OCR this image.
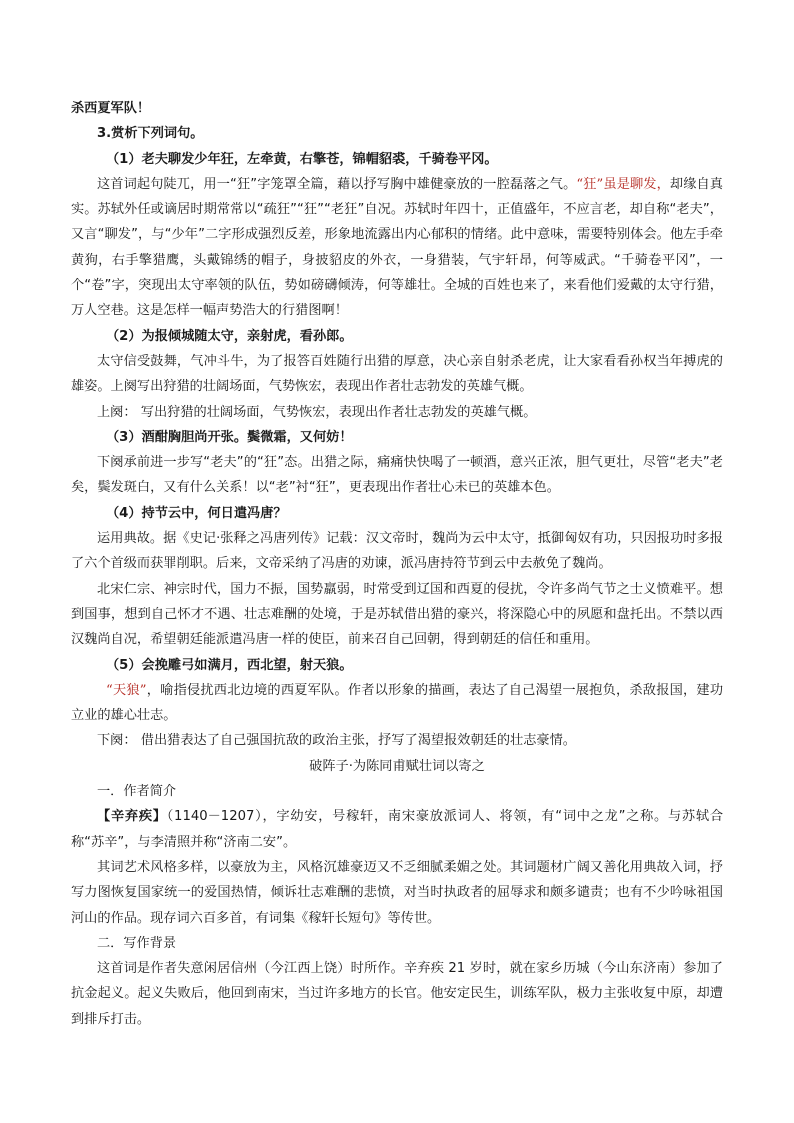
杀西夏军队！

3.赏析下列词句。

（1）老夫聊发少年狂，左牵黄，右擎苍，锦帽貂裘，千骑卷平冈。

这首词起句陡兀，用一“狂”字笼罩全篇，藉以抒写胸中雄健豪放的一腔磊落之气。“狂”虽是聊发，却缘自真实。苏轼外任或谪居时期常常以“疏狂”“狂”“老狂”自况。苏轼时年四十，正值盛年，不应言老，却自称“老夫”，又言“聊发”，与“少年”二字形成强烈反差，形象地流露出内心郁积的情绪。此中意味，需要特别体会。他左手牵黄狗，右手擎猎鹰，头戴锦绣的帽子，身披貂皮的外衣，一身猎装，气宇轩昂，何等威武。“千骑卷平冈”，一个“卷”字，突现出太守率领的队伍，势如磅礴倾涛，何等雄壮。全城的百姓也来了，来看他们爱戴的太守行猎，万人空巷。这是怎样一幅声势浩大的行猎图啊！

（2）为报倾城随太守，亲射虎，看孙郎。

太守信受鼓舞，气冲斗牛，为了报答百姓随行出猎的厚意，决心亲自射杀老虎，让大家看看孙权当年搏虎的雄姿。上阕写出狩猎的壮阔场面，气势恢宏，表现出作者壮志勃发的英雄气概。

上阕： 写出狩猎的壮阔场面，气势恢宏，表现出作者壮志勃发的英雄气概。

（3）酒酣胸胆尚开张。鬓微霜，又何妨！

下阕承前进一步写“老夫”的“狂”态。出猎之际，痛痛快快喝了一顿酒，意兴正浓，胆气更壮，尽管“老夫”老矣，鬓发斑白，又有什么关系！以“老”衬“狂”，更表现出作者壮心未已的英雄本色。

（4）持节云中，何日遣冯唐？

运用典故。据《史记·张释之冯唐列传》记载：汉文帝时，魏尚为云中太守，抵御匈奴有功，只因报功时多报了六个首级而获罪削职。后来，文帝采纳了冯唐的劝谏，派冯唐持符节到云中去赦免了魏尚。

北宋仁宗、神宗时代，国力不振，国势羸弱，时常受到辽国和西夏的侵扰，令许多尚气节之士义愤难平。想到国事，想到自己怀才不遇、壮志难酬的处境，于是苏轼借出猎的豪兴，将深隐心中的夙愿和盘托出。不禁以西汉魏尚自况，希望朝廷能派遣冯唐一样的使臣，前来召自己回朝，得到朝廷的信任和重用。

（5）会挽雕弓如满月，西北望，射天狼。

“天狼”，喻指侵扰西北边境的西夏军队。作者以形象的描画，表达了自己渴望一展抱负，杀敌报国，建功立业的雄心壮志。

下阕： 借出猎表达了自己强国抗敌的政治主张，抒写了渴望报效朝廷的壮志豪情。

破阵子·为陈同甫赋壮词以寄之

一．作者简介

【辛弃疾】（1140－1207），字幼安，号稼轩，南宋豪放派词人、将领，有“词中之龙”之称。与苏轼合称“苏辛”，与李清照并称“济南二安”。

其词艺术风格多样，以豪放为主，风格沉雄豪迈又不乏细腻柔媚之处。其词题材广阔又善化用典故入词，抒写力图恢复国家统一的爱国热情，倾诉壮志难酬的悲愤，对当时执政者的屈辱求和颇多谴责；也有不少吟咏祖国河山的作品。现存词六百多首，有词集《稼轩长短句》等传世。

二．写作背景

这首词是作者失意闲居信州（今江西上饶）时所作。辛弃疾 21 岁时，就在家乡历城（今山东济南）参加了抗金起义。起义失败后，他回到南宋，当过许多地方的长官。他安定民生，训练军队，极力主张收复中原，却遭到排斥打击。
